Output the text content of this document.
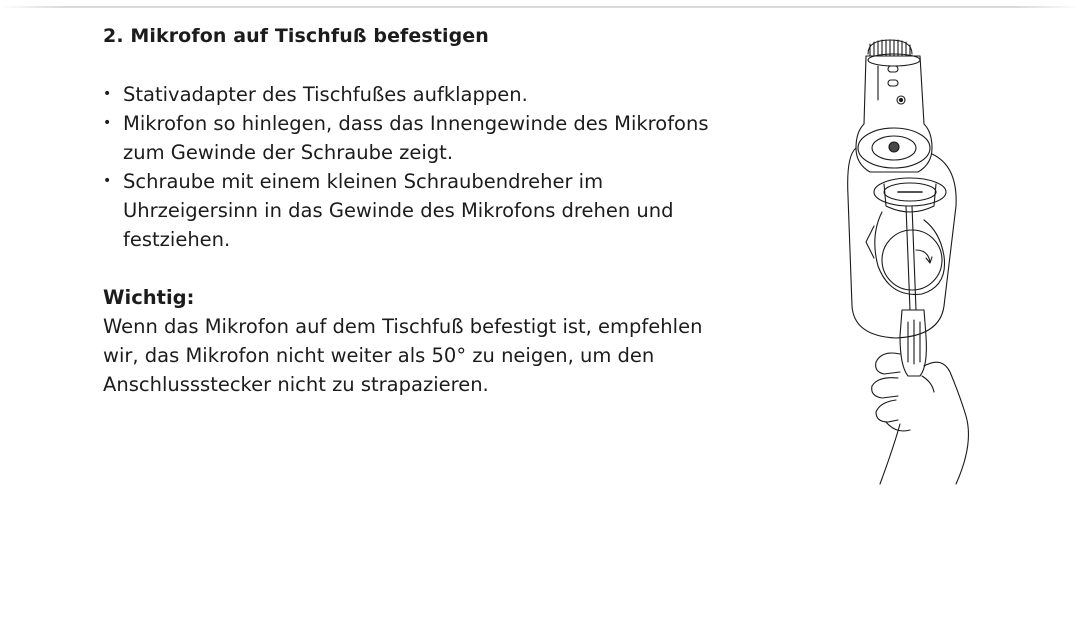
2. Mikrofon auf Tischfuß befestigen
• Stativadapter des Tischfußes aufklappen.
• Mikrofon so hinlegen, dass das Innengewinde des Mikrofons zum Gewinde der Schraube zeigt.
• Schraube mit einem kleinen Schraubendreher im Uhrzeigersinn in das Gewinde des Mikrofons drehen und festziehen.
Wichtig:

Wenn das Mikrofon auf dem Tischfuß befestigt ist, empfehlen wir, das Mikrofon nicht weiter als 50° zu neigen, um den Anschlussstecker nicht zu strapazieren.
